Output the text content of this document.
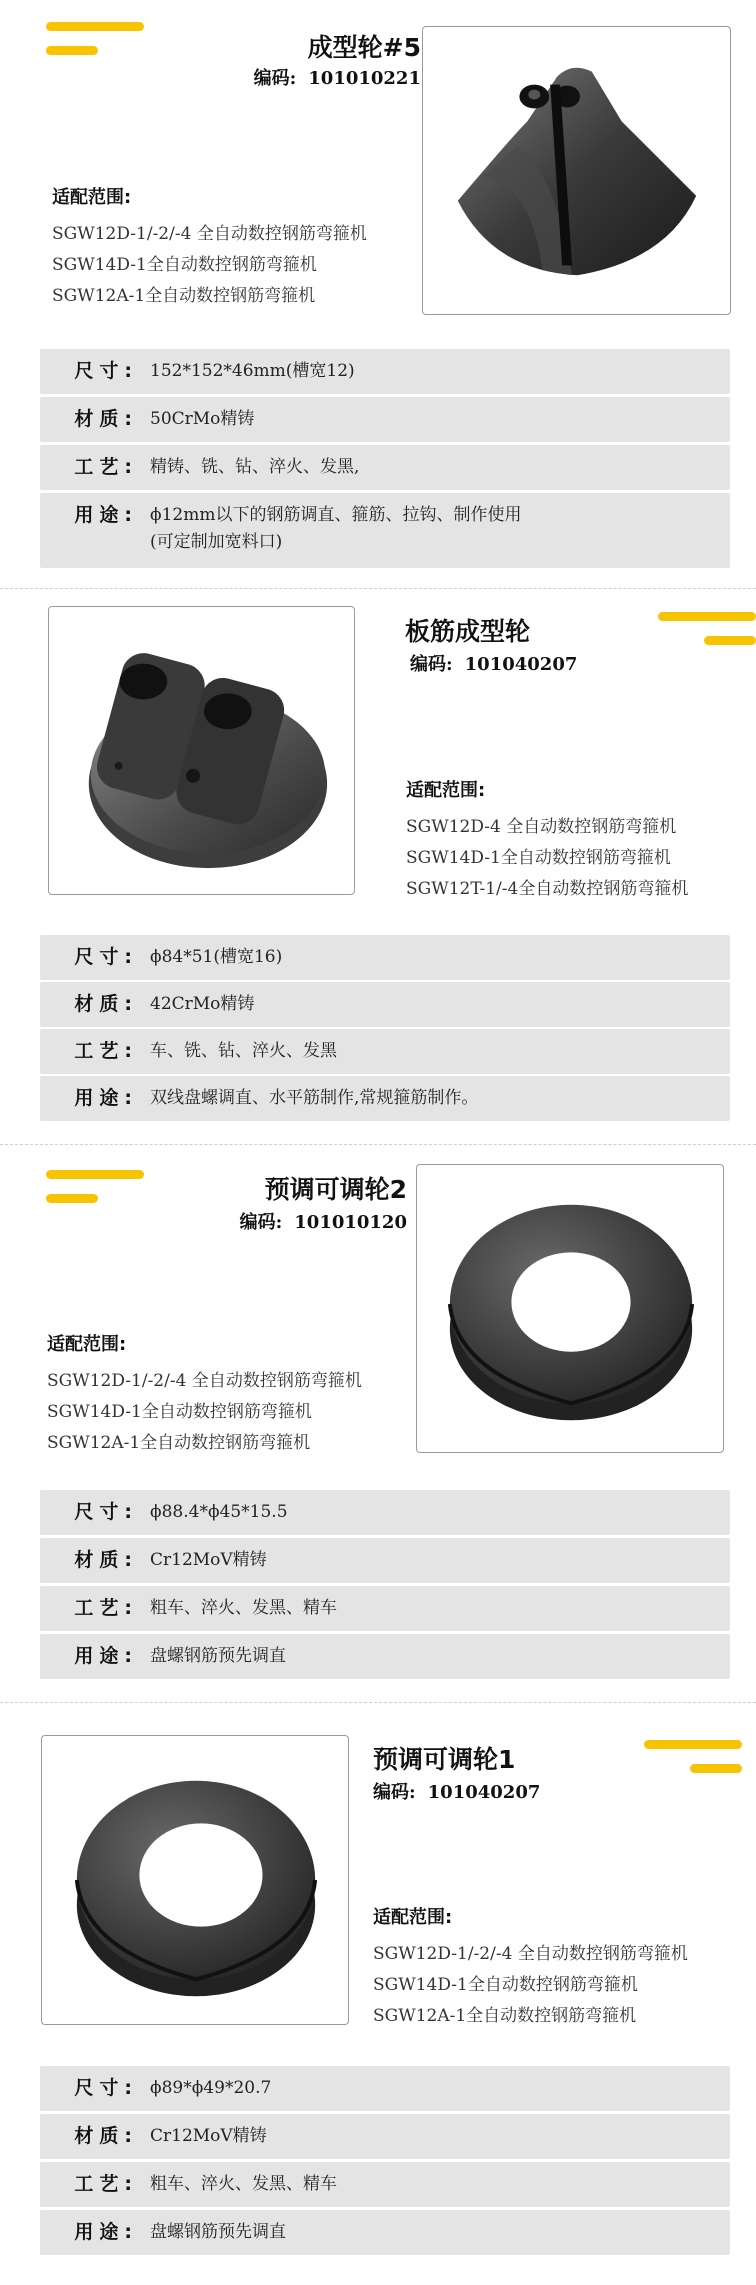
成型轮#5
编码: 101010221
适配范围:
SGW12D-1/-2/-4 全自动数控钢筋弯箍机
SGW14D-1全自动数控钢筋弯箍机
SGW12A-1全自动数控钢筋弯箍机
尺寸: 152*152*46mm(槽宽12)
材质: 50CrMo精铸
工艺: 精铸、铣、钻、淬火、发黑,
用途: ϕ12mm以下的钢筋调直、箍筋、拉钩、制作使用
(可定制加宽料口)
板筋成型轮
编码: 101040207
适配范围:
SGW12D-4 全自动数控钢筋弯箍机
SGW14D-1全自动数控钢筋弯箍机
SGW12T-1/-4全自动数控钢筋弯箍机
尺寸: ϕ84*51(槽宽16)
材质: 42CrMo精铸
工艺: 车、铣、钻、淬火、发黑
用途: 双线盘螺调直、水平筋制作,常规箍筋制作。
预调可调轮2
编码: 101010120
适配范围:
SGW12D-1/-2/-4 全自动数控钢筋弯箍机
SGW14D-1全自动数控钢筋弯箍机
SGW12A-1全自动数控钢筋弯箍机
尺寸: ϕ88.4*ϕ45*15.5
材质: Cr12MoV精铸
工艺: 粗车、淬火、发黑、精车
用途: 盘螺钢筋预先调直
预调可调轮1
编码: 101040207
适配范围:
SGW12D-1/-2/-4 全自动数控钢筋弯箍机
SGW14D-1全自动数控钢筋弯箍机
SGW12A-1全自动数控钢筋弯箍机
尺寸: ϕ89*ϕ49*20.7
材质: Cr12MoV精铸
工艺: 粗车、淬火、发黑、精车
用途: 盘螺钢筋预先调直
